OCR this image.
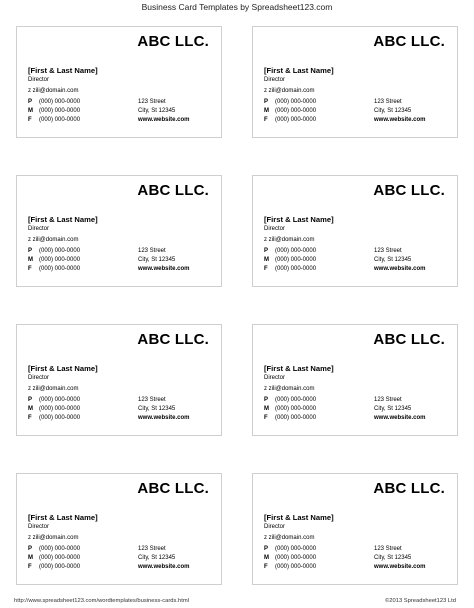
Business Card Templates by Spreadsheet123.com
ABC LLC.
[First & Last Name]
Director
z zili@domain.com
P (000) 000-0000	123 Street
M (000) 000-0000	City, St 12345
F (000) 000-0000	www.website.com
ABC LLC.
[First & Last Name]
Director
z zili@domain.com
P (000) 000-0000	123 Street
M (000) 000-0000	City, St 12345
F (000) 000-0000	www.website.com
ABC LLC.
[First & Last Name]
Director
z zili@domain.com
P (000) 000-0000	123 Street
M (000) 000-0000	City, St 12345
F (000) 000-0000	www.website.com
ABC LLC.
[First & Last Name]
Director
z zili@domain.com
P (000) 000-0000	123 Street
M (000) 000-0000	City, St 12345
F (000) 000-0000	www.website.com
ABC LLC.
[First & Last Name]
Director
z zili@domain.com
P (000) 000-0000	123 Street
M (000) 000-0000	City, St 12345
F (000) 000-0000	www.website.com
ABC LLC.
[First & Last Name]
Director
z zili@domain.com
P (000) 000-0000	123 Street
M (000) 000-0000	City, St 12345
F (000) 000-0000	www.website.com
ABC LLC.
[First & Last Name]
Director
z zili@domain.com
P (000) 000-0000	123 Street
M (000) 000-0000	City, St 12345
F (000) 000-0000	www.website.com
ABC LLC.
[First & Last Name]
Director
z zili@domain.com
P (000) 000-0000	123 Street
M (000) 000-0000	City, St 12345
F (000) 000-0000	www.website.com
http://www.spreadsheet123.com/wordtemplates/business-cards.html	©2013 Spreadsheet123 Ltd
